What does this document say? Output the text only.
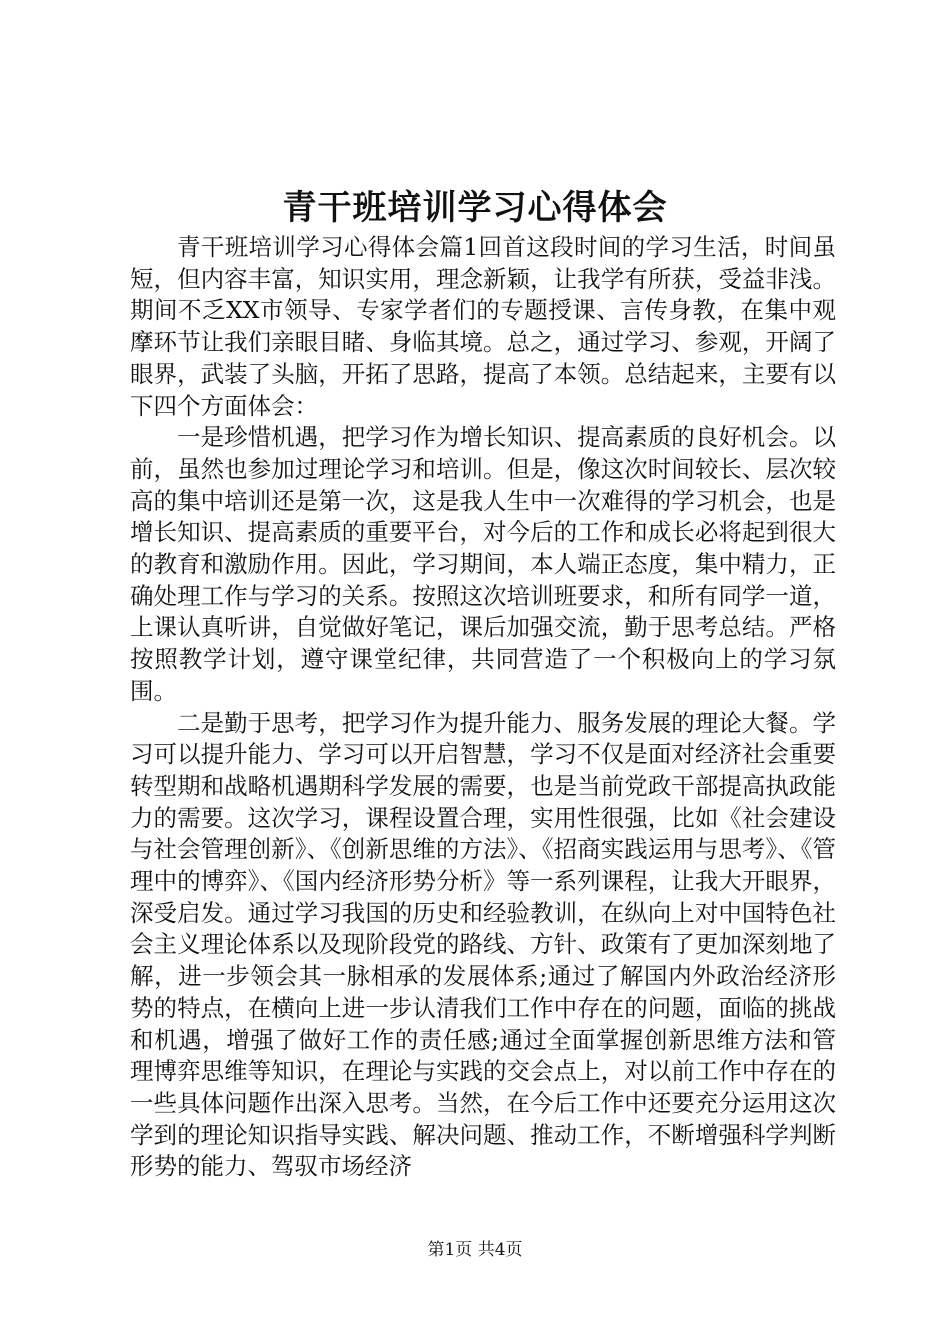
青干班培训学习心得体会

青干班培训学习心得体会篇1回首这段时间的学习生活，时间虽短，但内容丰富，知识实用，理念新颖，让我学有所获，受益非浅。期间不乏XX市领导、专家学者们的专题授课、言传身教，在集中观摩环节让我们亲眼目睹、身临其境。总之，通过学习、参观，开阔了眼界，武装了头脑，开拓了思路，提高了本领。总结起来，主要有以下四个方面体会：

一是珍惜机遇，把学习作为增长知识、提高素质的良好机会。以前，虽然也参加过理论学习和培训。但是，像这次时间较长、层次较高的集中培训还是第一次，这是我人生中一次难得的学习机会，也是增长知识、提高素质的重要平台，对今后的工作和成长必将起到很大的教育和激励作用。因此，学习期间，本人端正态度，集中精力，正确处理工作与学习的关系。按照这次培训班要求，和所有同学一道，上课认真听讲，自觉做好笔记，课后加强交流，勤于思考总结。严格按照教学计划，遵守课堂纪律，共同营造了一个积极向上的学习氛围。

二是勤于思考，把学习作为提升能力、服务发展的理论大餐。学习可以提升能力、学习可以开启智慧，学习不仅是面对经济社会重要转型期和战略机遇期科学发展的需要，也是当前党政干部提高执政能力的需要。这次学习，课程设置合理，实用性很强，比如《社会建设与社会管理创新》、《创新思维的方法》、《招商实践运用与思考》、《管理中的博弈》、《国内经济形势分析》等一系列课程，让我大开眼界，深受启发。通过学习我国的历史和经验教训，在纵向上对中国特色社会主义理论体系以及现阶段党的路线、方针、政策有了更加深刻地了解，进一步领会其一脉相承的发展体系;通过了解国内外政治经济形势的特点，在横向上进一步认清我们工作中存在的问题，面临的挑战和机遇，增强了做好工作的责任感;通过全面掌握创新思维方法和管理博弈思维等知识，在理论与实践的交会点上，对以前工作中存在的一些具体问题作出深入思考。当然，在今后工作中还要充分运用这次学到的理论知识指导实践、解决问题、推动工作，不断增强科学判断形势的能力、驾驭市场经济

第1页 共4页
